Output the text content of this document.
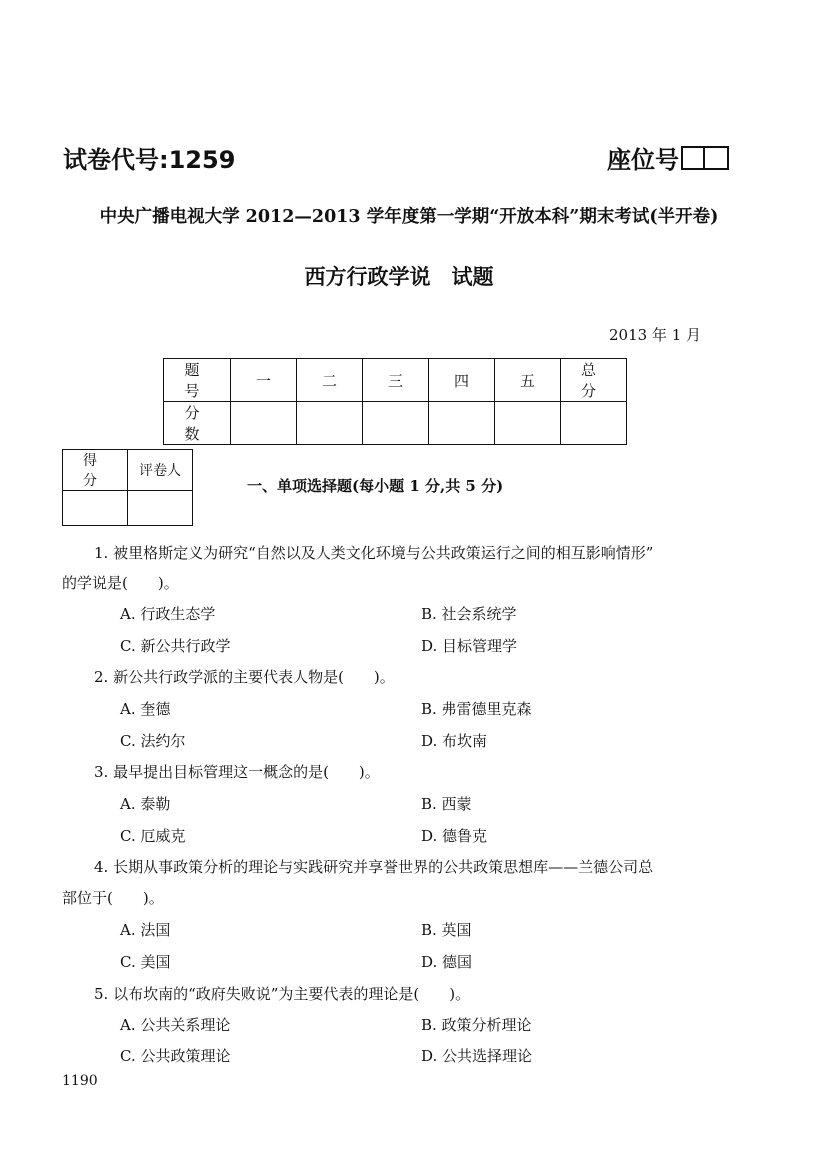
试卷代号:1259	座位号
中央广播电视大学 2012—2013 学年度第一学期“开放本科”期末考试(半开卷)
西方行政学说　试题
2013 年 1 月
题　号	一	二	三	四	五	总　分
分　数						
得　分	评卷人

一、单项选择题(每小题 1 分,共 5 分)
1. 被里格斯定义为研究“自然以及人类文化环境与公共政策运行之间的相互影响情形”
的学说是(　　)。
A. 行政生态学	B. 社会系统学
C. 新公共行政学	D. 目标管理学
2. 新公共行政学派的主要代表人物是(　　)。
A. 奎德	B. 弗雷德里克森
C. 法约尔	D. 布坎南
3. 最早提出目标管理这一概念的是(　　)。
A. 泰勒	B. 西蒙
C. 厄威克	D. 德鲁克
4. 长期从事政策分析的理论与实践研究并享誉世界的公共政策思想库——兰德公司总
部位于(　　)。
A. 法国	B. 英国
C. 美国	D. 德国
5. 以布坎南的“政府失败说”为主要代表的理论是(　　)。
A. 公共关系理论	B. 政策分析理论
C. 公共政策理论	D. 公共选择理论
1190
